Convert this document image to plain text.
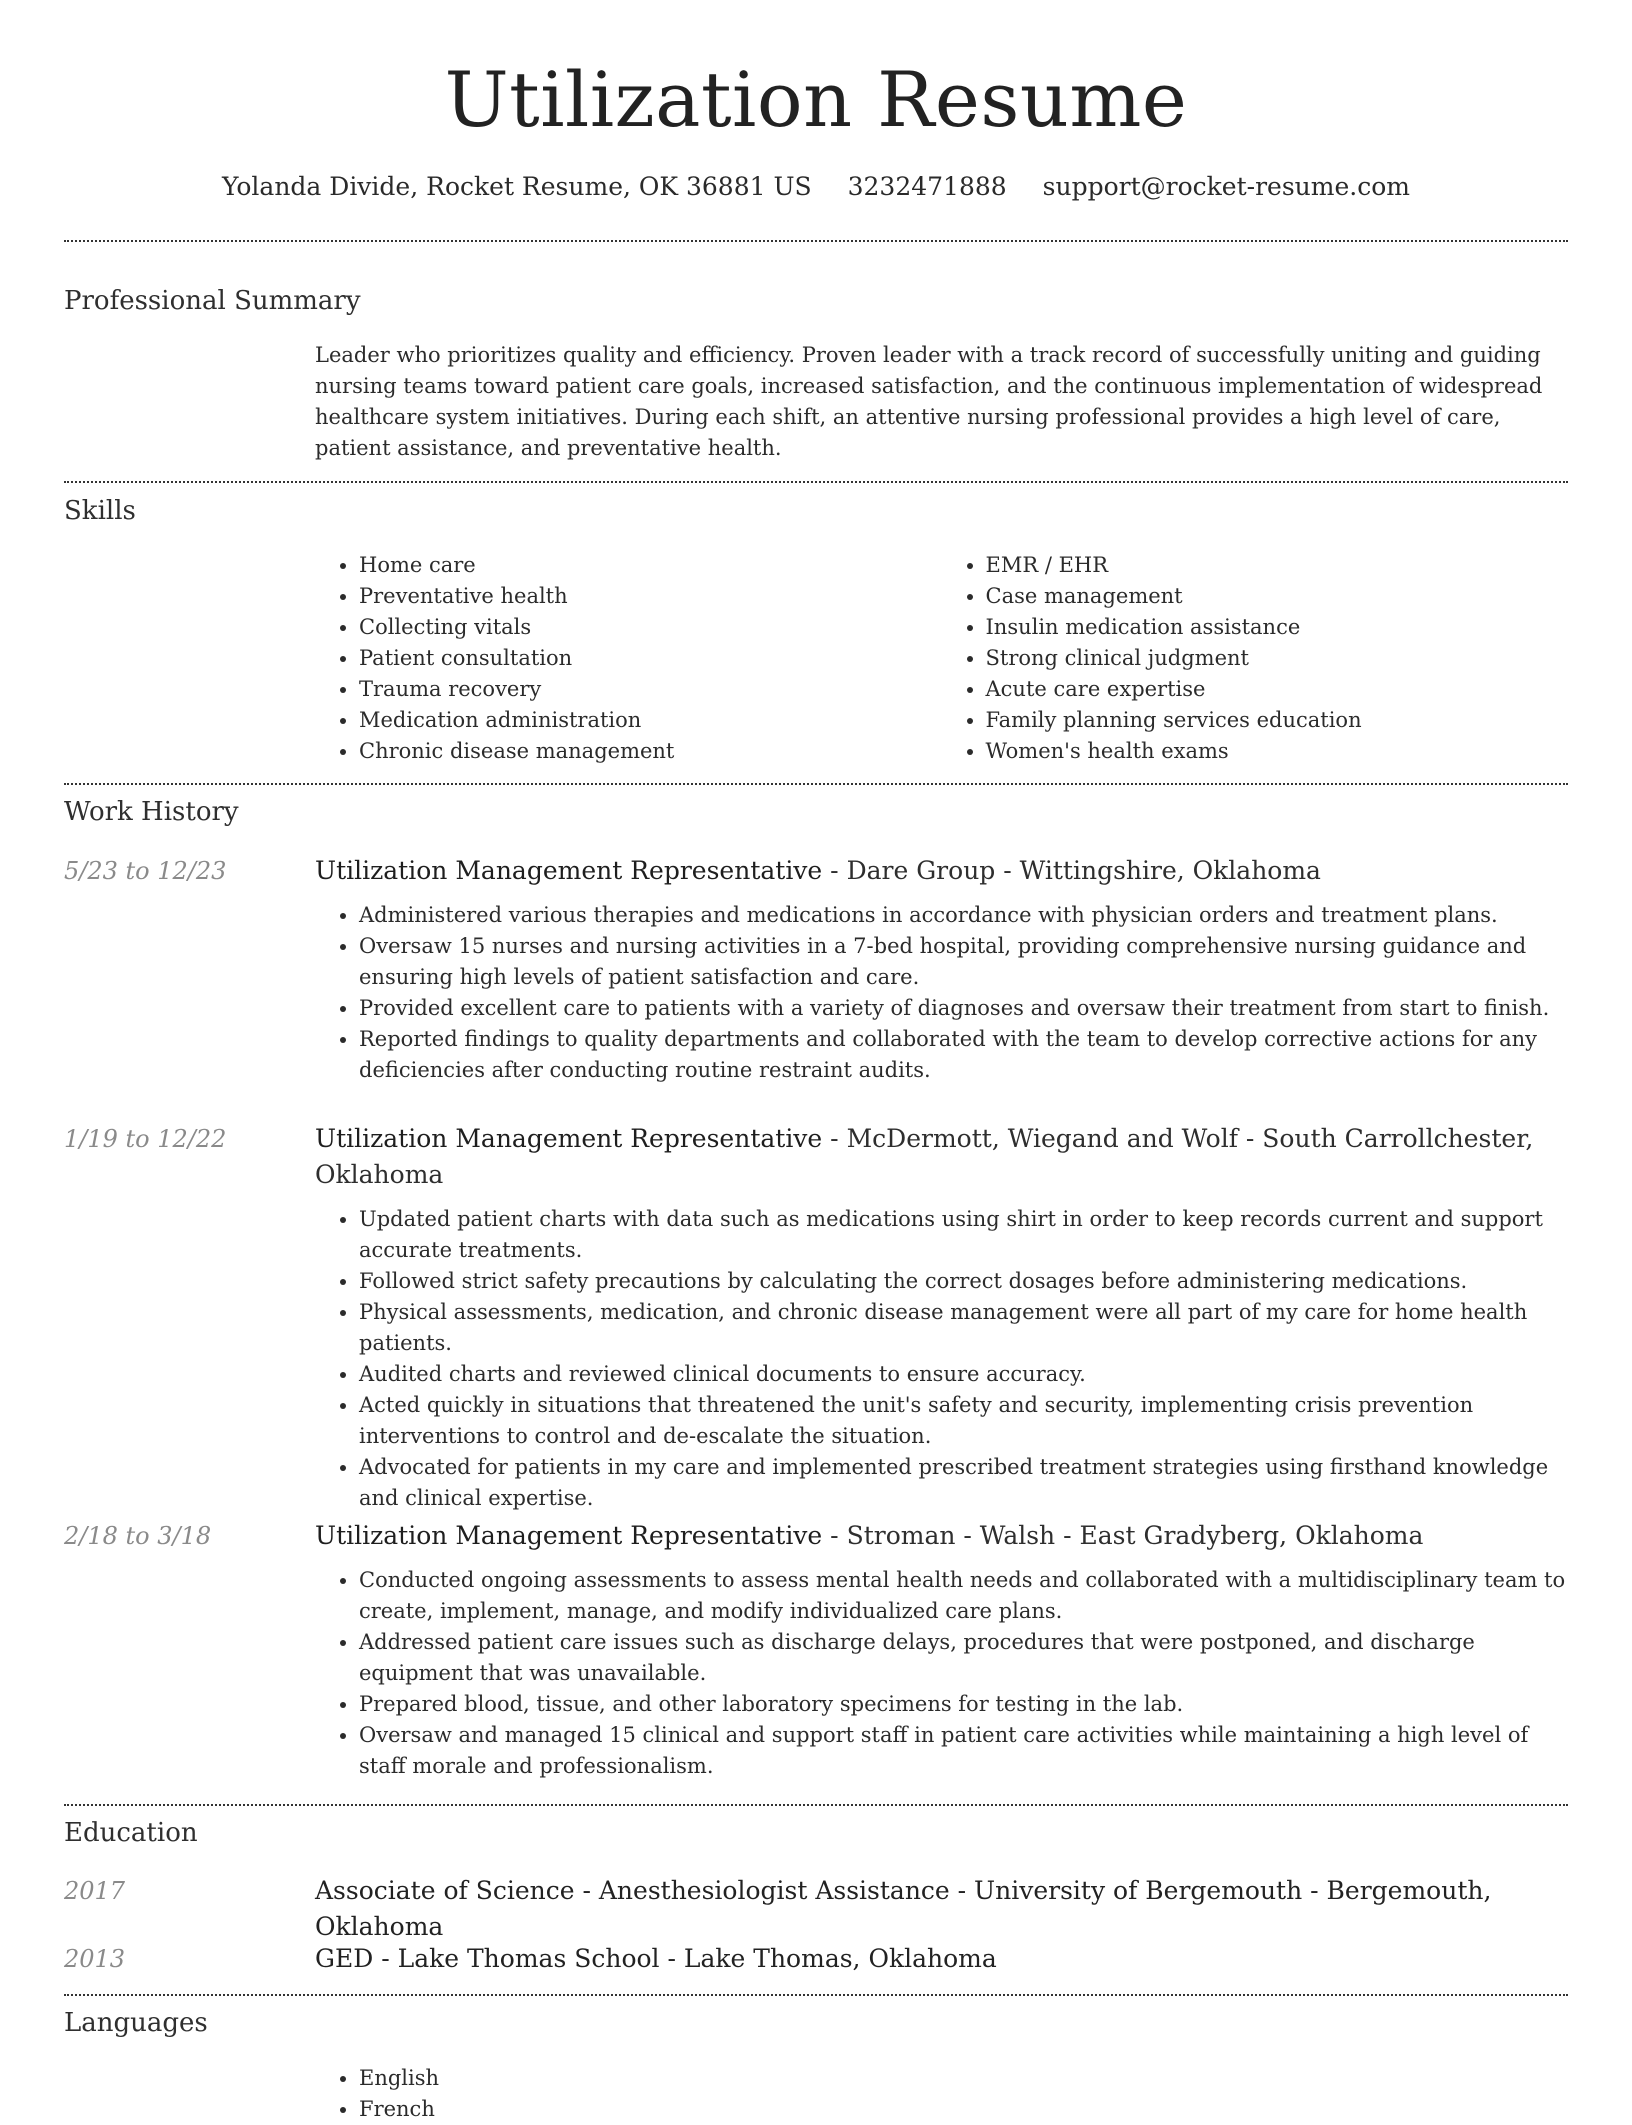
Utilization Resume
Yolanda Divide, Rocket Resume, OK 36881 US 3232471888 support@rocket-resume.com
Professional Summary

Leader who prioritizes quality and efficiency. Proven leader with a track record of successfully uniting and guiding nursing teams toward patient care goals, increased satisfaction, and the continuous implementation of widespread healthcare system initiatives. During each shift, an attentive nursing professional provides a high level of care, patient assistance, and preventative health.

Skills
• Home care
• Preventative health
• Collecting vitals
• Patient consultation
• Trauma recovery
• Medication administration
• Chronic disease management
• EMR / EHR
• Case management
• Insulin medication assistance
• Strong clinical judgment
• Acute care expertise
• Family planning services education
• Women's health exams
Work History
5/23 to 12/23	Utilization Management Representative - Dare Group - Wittingshire, Oklahoma

• Administered various therapies and medications in accordance with physician orders and treatment plans.
• Oversaw 15 nurses and nursing activities in a 7-bed hospital, providing comprehensive nursing guidance and ensuring high levels of patient satisfaction and care.
• Provided excellent care to patients with a variety of diagnoses and oversaw their treatment from start to finish.
• Reported findings to quality departments and collaborated with the team to develop corrective actions for any deficiencies after conducting routine restraint audits.
1/19 to 12/22	Utilization Management Representative - McDermott, Wiegand and Wolf - South Carrollchester, Oklahoma

• Updated patient charts with data such as medications using shirt in order to keep records current and support accurate treatments.
• Followed strict safety precautions by calculating the correct dosages before administering medications.
• Physical assessments, medication, and chronic disease management were all part of my care for home health patients.
• Audited charts and reviewed clinical documents to ensure accuracy.
• Acted quickly in situations that threatened the unit's safety and security, implementing crisis prevention interventions to control and de-escalate the situation.
• Advocated for patients in my care and implemented prescribed treatment strategies using firsthand knowledge and clinical expertise.
2/18 to 3/18	Utilization Management Representative - Stroman - Walsh - East Gradyberg, Oklahoma

• Conducted ongoing assessments to assess mental health needs and collaborated with a multidisciplinary team to create, implement, manage, and modify individualized care plans.
• Addressed patient care issues such as discharge delays, procedures that were postponed, and discharge equipment that was unavailable.
• Prepared blood, tissue, and other laboratory specimens for testing in the lab.
• Oversaw and managed 15 clinical and support staff in patient care activities while maintaining a high level of staff morale and professionalism.
Education
2017	Associate of Science - Anesthesiologist Assistance - University of Bergemouth - Bergemouth, Oklahoma

2013	GED - Lake Thomas School - Lake Thomas, Oklahoma

Languages
• English
• French
